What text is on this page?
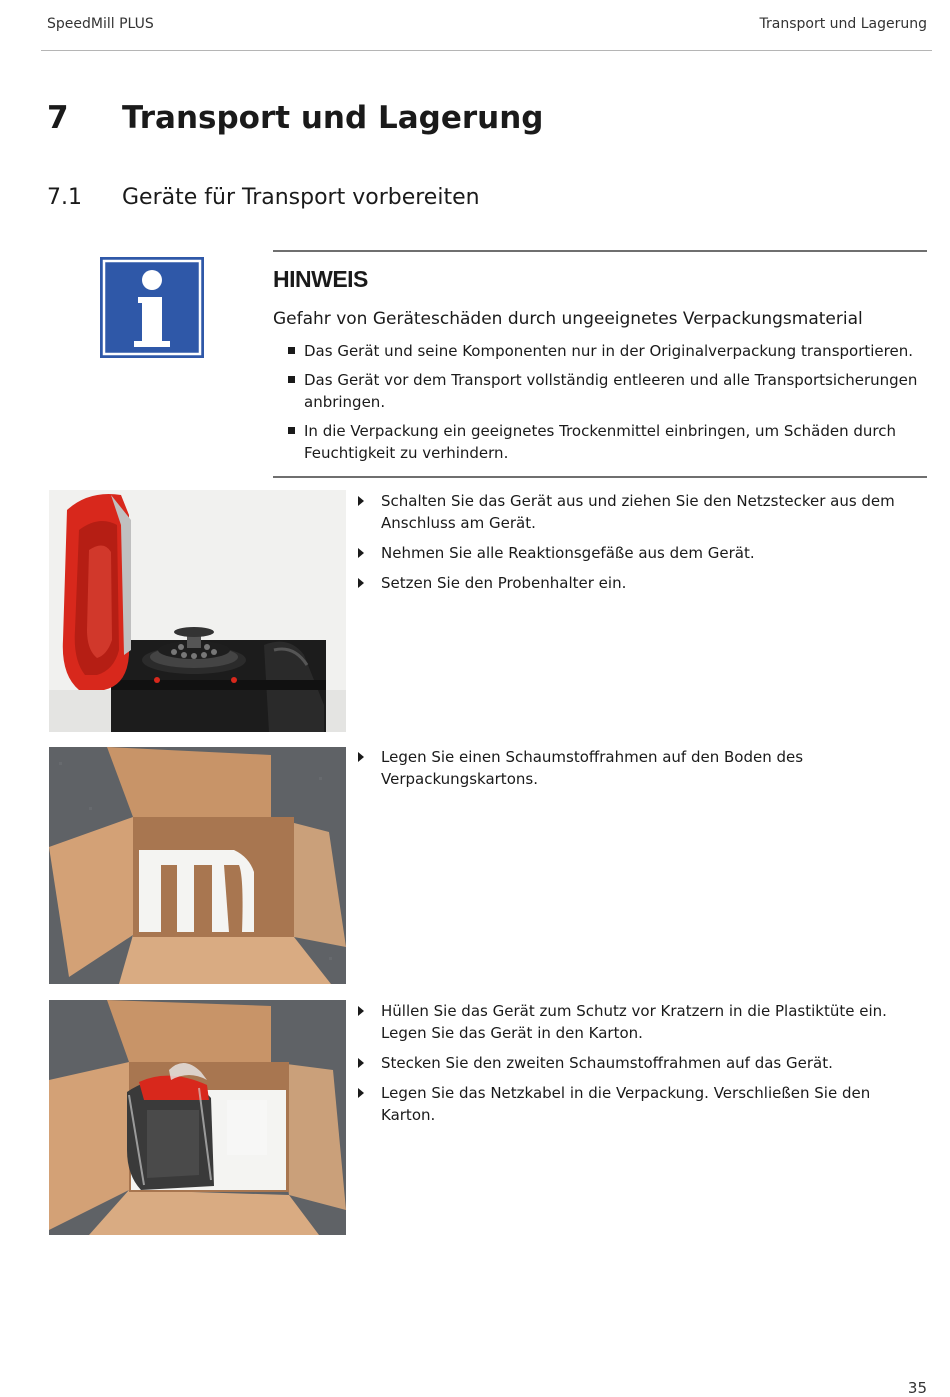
SpeedMill PLUS	Transport und Lagerung
7 Transport und Lagerung
7.1 Geräte für Transport vorbereiten
HINWEIS
Gefahr von Geräteschäden durch ungeeignetes Verpackungsmaterial
Das Gerät und seine Komponenten nur in der Originalverpackung transportieren.
Das Gerät vor dem Transport vollständig entleeren und alle Transportsicherungen anbringen.
In die Verpackung ein geeignetes Trockenmittel einbringen, um Schäden durch Feuchtigkeit zu verhindern.
Schalten Sie das Gerät aus und ziehen Sie den Netzstecker aus dem Anschluss am Gerät.
Nehmen Sie alle Reaktionsgefäße aus dem Gerät.
Setzen Sie den Probenhalter ein.
Legen Sie einen Schaumstoffrahmen auf den Boden des Verpackungskartons.
Hüllen Sie das Gerät zum Schutz vor Kratzern in die Plastiktüte ein. Legen Sie das Gerät in den Karton.
Stecken Sie den zweiten Schaumstoffrahmen auf das Gerät.
Legen Sie das Netzkabel in die Verpackung. Verschließen Sie den Karton.
35
